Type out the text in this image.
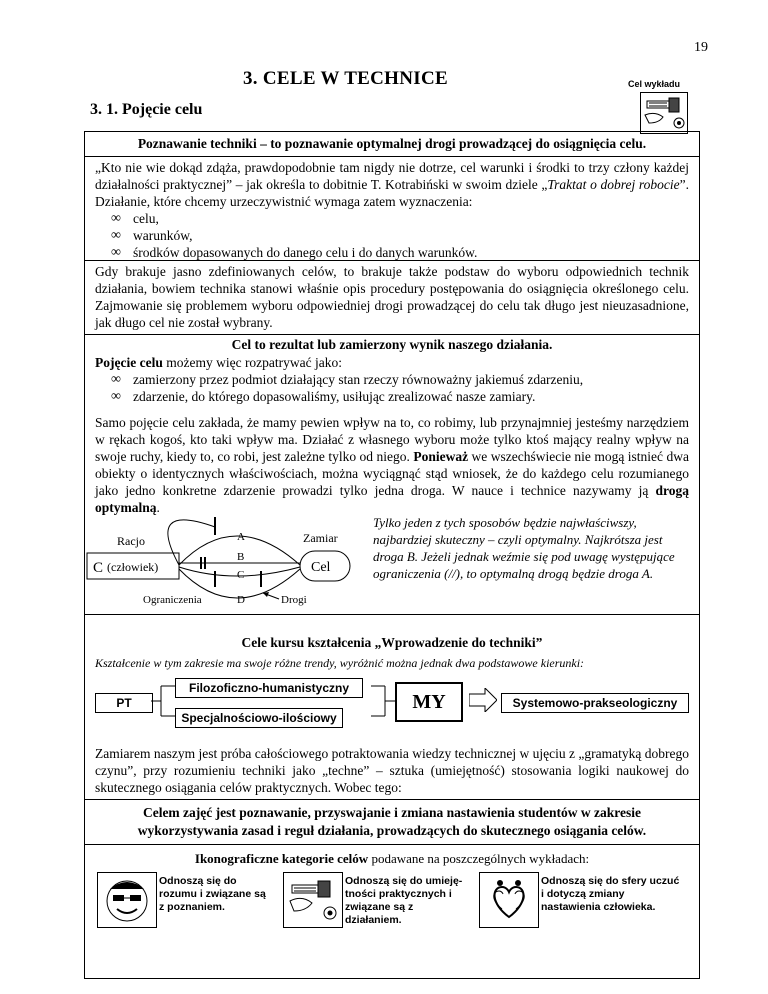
19
3. CELE W TECHNICE
3. 1. Pojęcie celu
Cel wykładu
Poznawanie techniki – to poznawanie optymalnej drogi prowadzącej do osiągnięcia celu.
„Kto nie wie dokąd zdąża, prawdopodobnie tam nigdy nie dotrze, cel warunki i środki to trzy człony każdej działalności praktycznej” – jak określa to dobitnie T. Kotrabiński w swoim dziele „Traktat o dobrej robocie”. Działanie, które chcemy urzeczywistnić wymaga zatem wyznaczenia:
∞ celu,
∞ warunków,
∞ środków dopasowanych do danego celu i do danych warunków.
Gdy brakuje jasno zdefiniowanych celów, to brakuje także podstaw do wyboru odpowiednich technik działania, bowiem technika stanowi właśnie opis procedury postępowania do osiągnięcia określonego celu. Zajmowanie się problemem wyboru odpowiedniej drogi prowadzącej do celu tak długo jest nieuzasadnione, jak długo cel nie został wybrany.
Cel to rezultat lub zamierzony wynik naszego działania.
Pojęcie celu możemy więc rozpatrywać jako:
∞ zamierzony przez podmiot działający stan rzeczy równoważny jakiemuś zdarzeniu,
∞ zdarzenie, do którego dopasowaliśmy, usiłując zrealizować nasze zamiary.
Samo pojęcie celu zakłada, że mamy pewien wpływ na to, co robimy, lub przynajmniej jesteśmy narzędziem w rękach kogoś, kto taki wpływ ma. Działać z własnego wyboru może tylko ktoś mający realny wpływ na swoje ruchy, kiedy to, co robi, jest zależne tylko od niego. Ponieważ we wszechświecie nie mogą istnieć dwa obiekty o identycznych właściwościach, można wyciągnąć stąd wniosek, że do każdego celu rozumianego jako jedno konkretne zdarzenie prowadzi tylko jedna droga. W nauce i technice nazywamy ją drogą optymalną.
Racjo	Zamiar
C (człowiek)	Cel
A
B
C
D
Ograniczenia	Drogi
Tylko jeden z tych sposobów będzie najwłaściwszy, najbardziej skuteczny – czyli optymalny. Najkrótsza jest droga B. Jeżeli jednak weźmie się pod uwagę występujące ograniczenia (//), to optymalną drogą będzie droga A.
Cele kursu kształcenia „Wprowadzenie do techniki”
Kształcenie w tym zakresie ma swoje różne trendy, wyróżnić można jednak dwa podstawowe kierunki:
PT
Filozoficzno-humanistyczny
Specjalnościowo-ilościowy
MY	Systemowo-prakseologiczny
Zamiarem naszym jest próba całościowego potraktowania wiedzy technicznej w ujęciu z „gramatyką dobrego czynu”, przy rozumieniu techniki jako „techne” – sztuka (umiejętność) stosowania logiki naukowej do skutecznego osiągania celów praktycznych. Wobec tego:
Celem zajęć jest poznawanie, przyswajanie i zmiana nastawienia studentów w zakresie wykorzystywania zasad i reguł działania, prowadzących do skutecznego osiągania celów.
Ikonograficzne kategorie celów podawane na poszczególnych wykładach:
Odnoszą się do rozumu i związane są z poznaniem.
Odnoszą się do umieję-tności praktycznych i związane są z działaniem.
Odnoszą się do sfery uczuć i dotyczą zmiany nastawienia człowieka.
